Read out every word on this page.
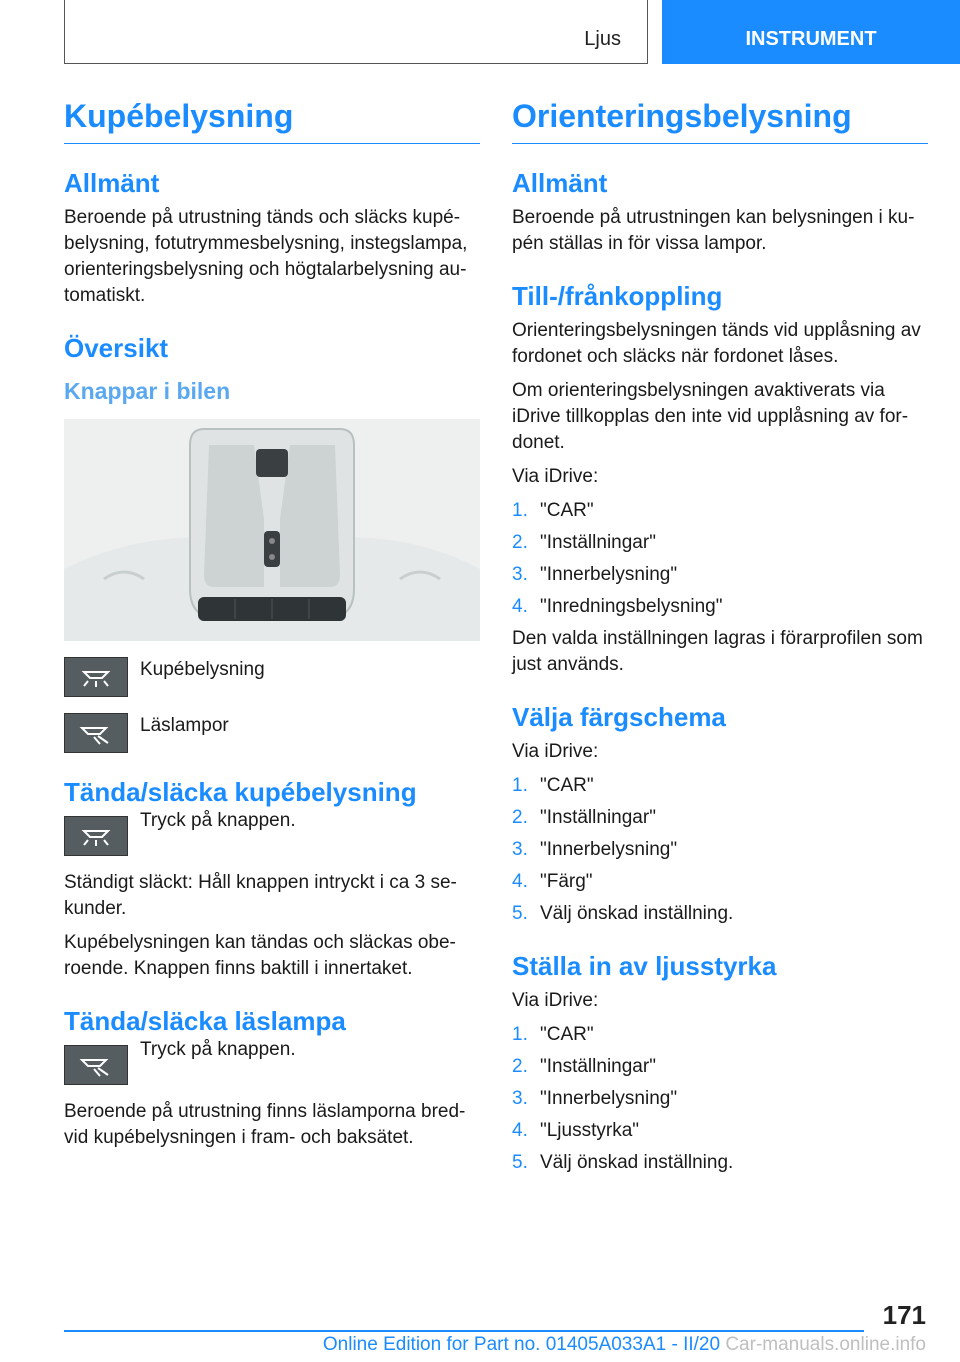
Ljus	INSTRUMENT
Kupébelysning
Allmänt

Beroende på utrustning tänds och släcks kupé-belysning, fotutrymmesbelysning, instegslampa, orienteringsbelysning och högtalarbelysning au-tomatiskt.

Översikt
Knappar i bilen
Kupébelysning
Läslampor
Tända/släcka kupébelysning
Tryck på knappen.

Ständigt släckt: Håll knappen intryckt i ca 3 se-kunder.

Kupébelysningen kan tändas och släckas obe-roende. Knappen finns baktill i innertaket.

Tända/släcka läslampa
Tryck på knappen.

Beroende på utrustning finns läslamporna bred-vid kupébelysningen i fram- och baksätet.

Orienteringsbelysning
Allmänt

Beroende på utrustningen kan belysningen i ku-pén ställas in för vissa lampor.

Till-/frånkoppling

Orienteringsbelysningen tänds vid upplåsning av fordonet och släcks när fordonet låses.

Om orienteringsbelysningen avaktiverats via iDrive tillkopplas den inte vid upplåsning av for-donet.

Via iDrive:

1. "CAR"
2. "Inställningar"
3. "Innerbelysning"
4. "Inredningsbelysning"

Den valda inställningen lagras i förarprofilen som just används.

Välja färgschema

Via iDrive:

1. "CAR"
2. "Inställningar"
3. "Innerbelysning"
4. "Färg"
5. Välj önskad inställning.
Ställa in av ljusstyrka

Via iDrive:

1. "CAR"
2. "Inställningar"
3. "Innerbelysning"
4. "Ljusstyrka"
5. Välj önskad inställning.
171
Online Edition for Part no. 01405A033A1 - II/20 Car-manuals.online.info
